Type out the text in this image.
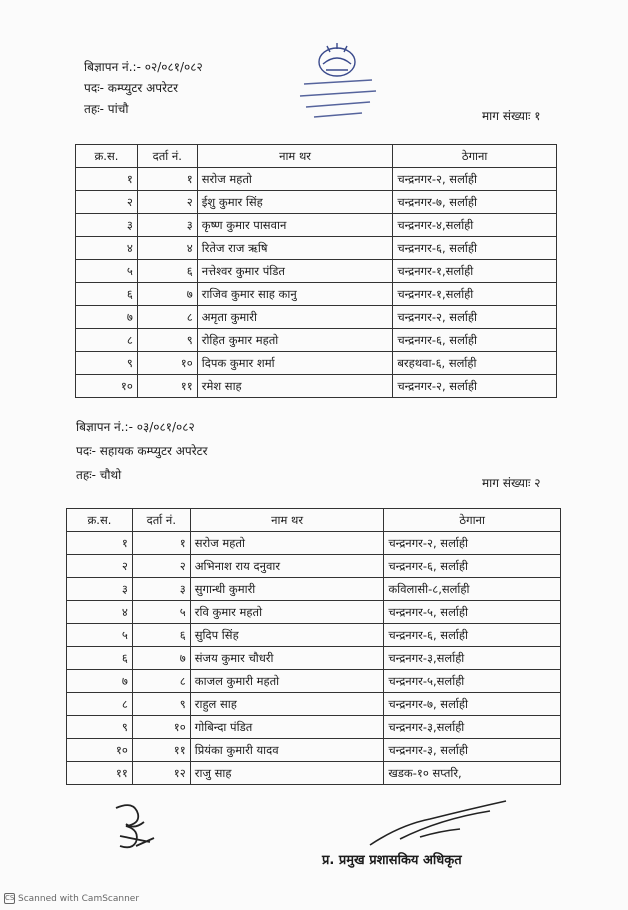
बिज्ञापन नं.:- ०२/०८१/०८२
पदः- कम्प्युटर अपरेटर
तहः- पांचौ	माग संख्याः १
क्र.स.	दर्ता नं.	नाम थर	ठेगाना
१	१	सरोज महतो	चन्द्रनगर-२, सर्लाही
२	२	ईशु कुमार सिंह	चन्द्रनगर-७, सर्लाही
३	३	कृष्ण कुमार पासवान	चन्द्रनगर-४,सर्लाही
४	४	रितेज राज ऋषि	चन्द्रनगर-६, सर्लाही
५	६	नत्तेश्वर कुमार पंडित	चन्द्रनगर-१,सर्लाही
६	७	राजिव कुमार साह कानु	चन्द्रनगर-१,सर्लाही
७	८	अमृता कुमारी	चन्द्रनगर-२, सर्लाही
८	९	रोहित कुमार महतो	चन्द्रनगर-६, सर्लाही
९	१०	दिपक कुमार शर्मा	बरहथवा-६, सर्लाही
१०	११	रमेश साह	चन्द्रनगर-२, सर्लाही
बिज्ञापन नं.:- ०३/०८१/०८२
पदः- सहायक कम्प्युटर अपरेटर
तहः- चौथो
माग संख्याः २
क्र.स.	दर्ता नं.	नाम थर	ठेगाना
१	१	सरोज महतो	चन्द्रनगर-२, सर्लाही
२	२	अभिनाश राय दनुवार	चन्द्रनगर-६, सर्लाही
३	३	सुगान्धी कुमारी	कविलासी-८,सर्लाही
४	५	रवि कुमार महतो	चन्द्रनगर-५, सर्लाही
५	६	सुदिप सिंह	चन्द्रनगर-६, सर्लाही
६	७	संजय कुमार चौधरी	चन्द्रनगर-३,सर्लाही
७	८	काजल कुमारी महतो	चन्द्रनगर-५,सर्लाही
८	९	राहुल साह	चन्द्रनगर-७, सर्लाही
९	१०	गोबिन्दा पंडित	चन्द्रनगर-३,सर्लाही
१०	११	प्रियंका कुमारी यादव	चन्द्रनगर-३, सर्लाही
११	१२	राजु साह	खडक-१० सप्तरि,
प्र. प्रमुख प्रशासकिय अधिकृत
CS Scanned with CamScanner
